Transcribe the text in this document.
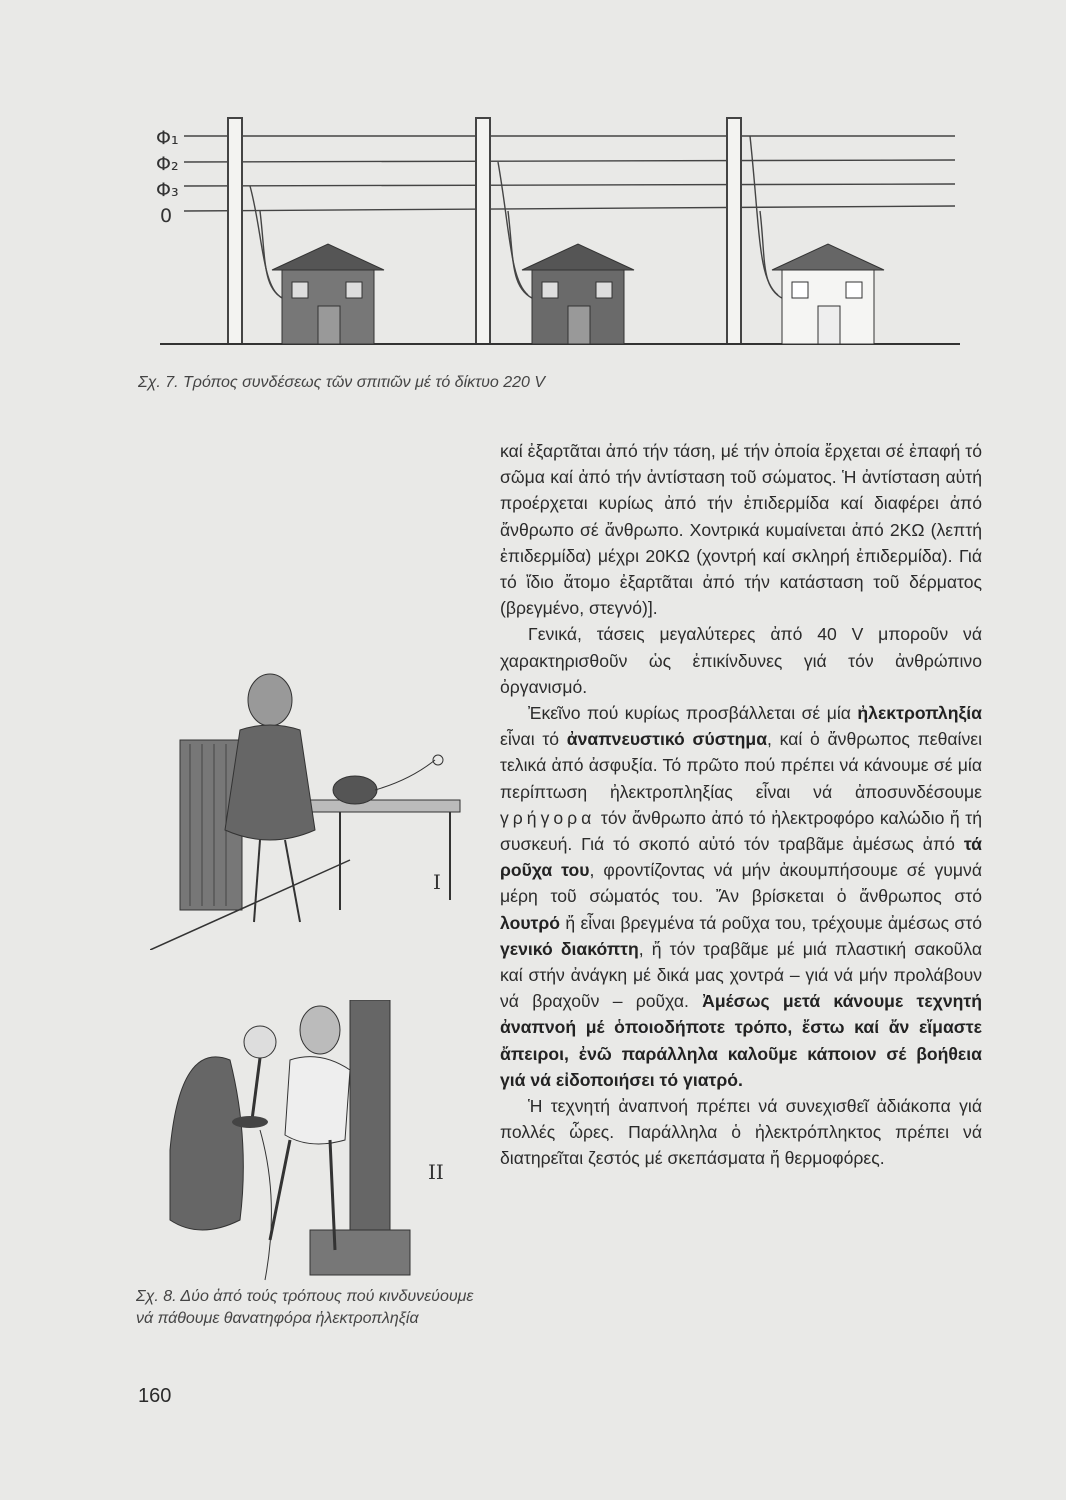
Φ₁
Φ₂
Φ₃
0
Σχ. 7. Τρόπος συνδέσεως τῶν σπιτιῶν μέ τό δίκτυο 220 V
I
II
Σχ. 8. Δύο ἀπό τούς τρόπους πού κινδυνεύουμε νά πάθουμε θανατηφόρα ἠλεκτροπληξία

καί ἐξαρτᾶται ἀπό τήν τάση, μέ τήν ὁποία ἔρχεται σέ ἐπαφή τό σῶμα καί ἀπό τήν ἀντίσταση τοῦ σώματος. Ἡ ἀντίσταση αὐτή προέρχεται κυρίως ἀπό τήν ἐπιδερμίδα καί διαφέρει ἀπό ἄνθρωπο σέ ἄνθρωπο. Χοντρικά κυμαίνεται ἀπό 2ΚΩ (λεπτή ἐπιδερμίδα) μέχρι 20ΚΩ (χοντρή καί σκληρή ἐπιδερμίδα). Γιά τό ἴδιο ἄτομο ἐξαρτᾶται ἀπό τήν κατάσταση τοῦ δέρματος (βρεγμένο, στεγνό)].

Γενικά, τάσεις μεγαλύτερες ἀπό 40 V μποροῦν νά χαρακτηρισθοῦν ὡς ἐπικίνδυνες γιά τόν ἀνθρώπινο ὀργανισμό.

Ἐκεῖνο πού κυρίως προσβάλλεται σέ μία ἠλεκτροπληξία εἶναι τό ἀναπνευστικό σύστημα, καί ὁ ἄνθρωπος πεθαίνει τελικά ἀπό ἀσφυξία. Τό πρῶτο πού πρέπει νά κάνουμε σέ μία περίπτωση ἠλεκτροπληξίας εἶναι νά ἀποσυνδέσουμε γρήγορα τόν ἄνθρωπο ἀπό τό ἠλεκτροφόρο καλώδιο ἤ τή συσκευή. Γιά τό σκοπό αὐτό τόν τραβᾶμε ἀμέσως ἀπό τά ροῦχα του, φροντίζοντας νά μήν ἀκουμπήσουμε σέ γυμνά μέρη τοῦ σώματός του. Ἄν βρίσκεται ὁ ἄνθρωπος στό λουτρό ἤ εἶναι βρεγμένα τά ροῦχα του, τρέχουμε ἀμέσως στό γενικό διακόπτη, ἤ τόν τραβᾶμε μέ μιά πλαστική σακοῦλα καί στήν ἀνάγκη μέ δικά μας χοντρά – γιά νά μήν προλάβουν νά βραχοῦν – ροῦχα. Ἀμέσως μετά κάνουμε τεχνητή ἀναπνοή μέ ὁποιοδήποτε τρόπο, ἔστω καί ἄν εἴμαστε ἄπειροι, ἐνῶ παράλληλα καλοῦμε κάποιον σέ βοήθεια γιά νά εἰδοποιήσει τό γιατρό.

Ἡ τεχνητή ἀναπνοή πρέπει νά συνεχισθεῖ ἀδιάκοπα γιά πολλές ὧρες. Παράλληλα ὁ ἠλεκτρόπληκτος πρέπει νά διατηρεῖται ζεστός μέ σκεπάσματα ἤ θερμοφόρες.

160
